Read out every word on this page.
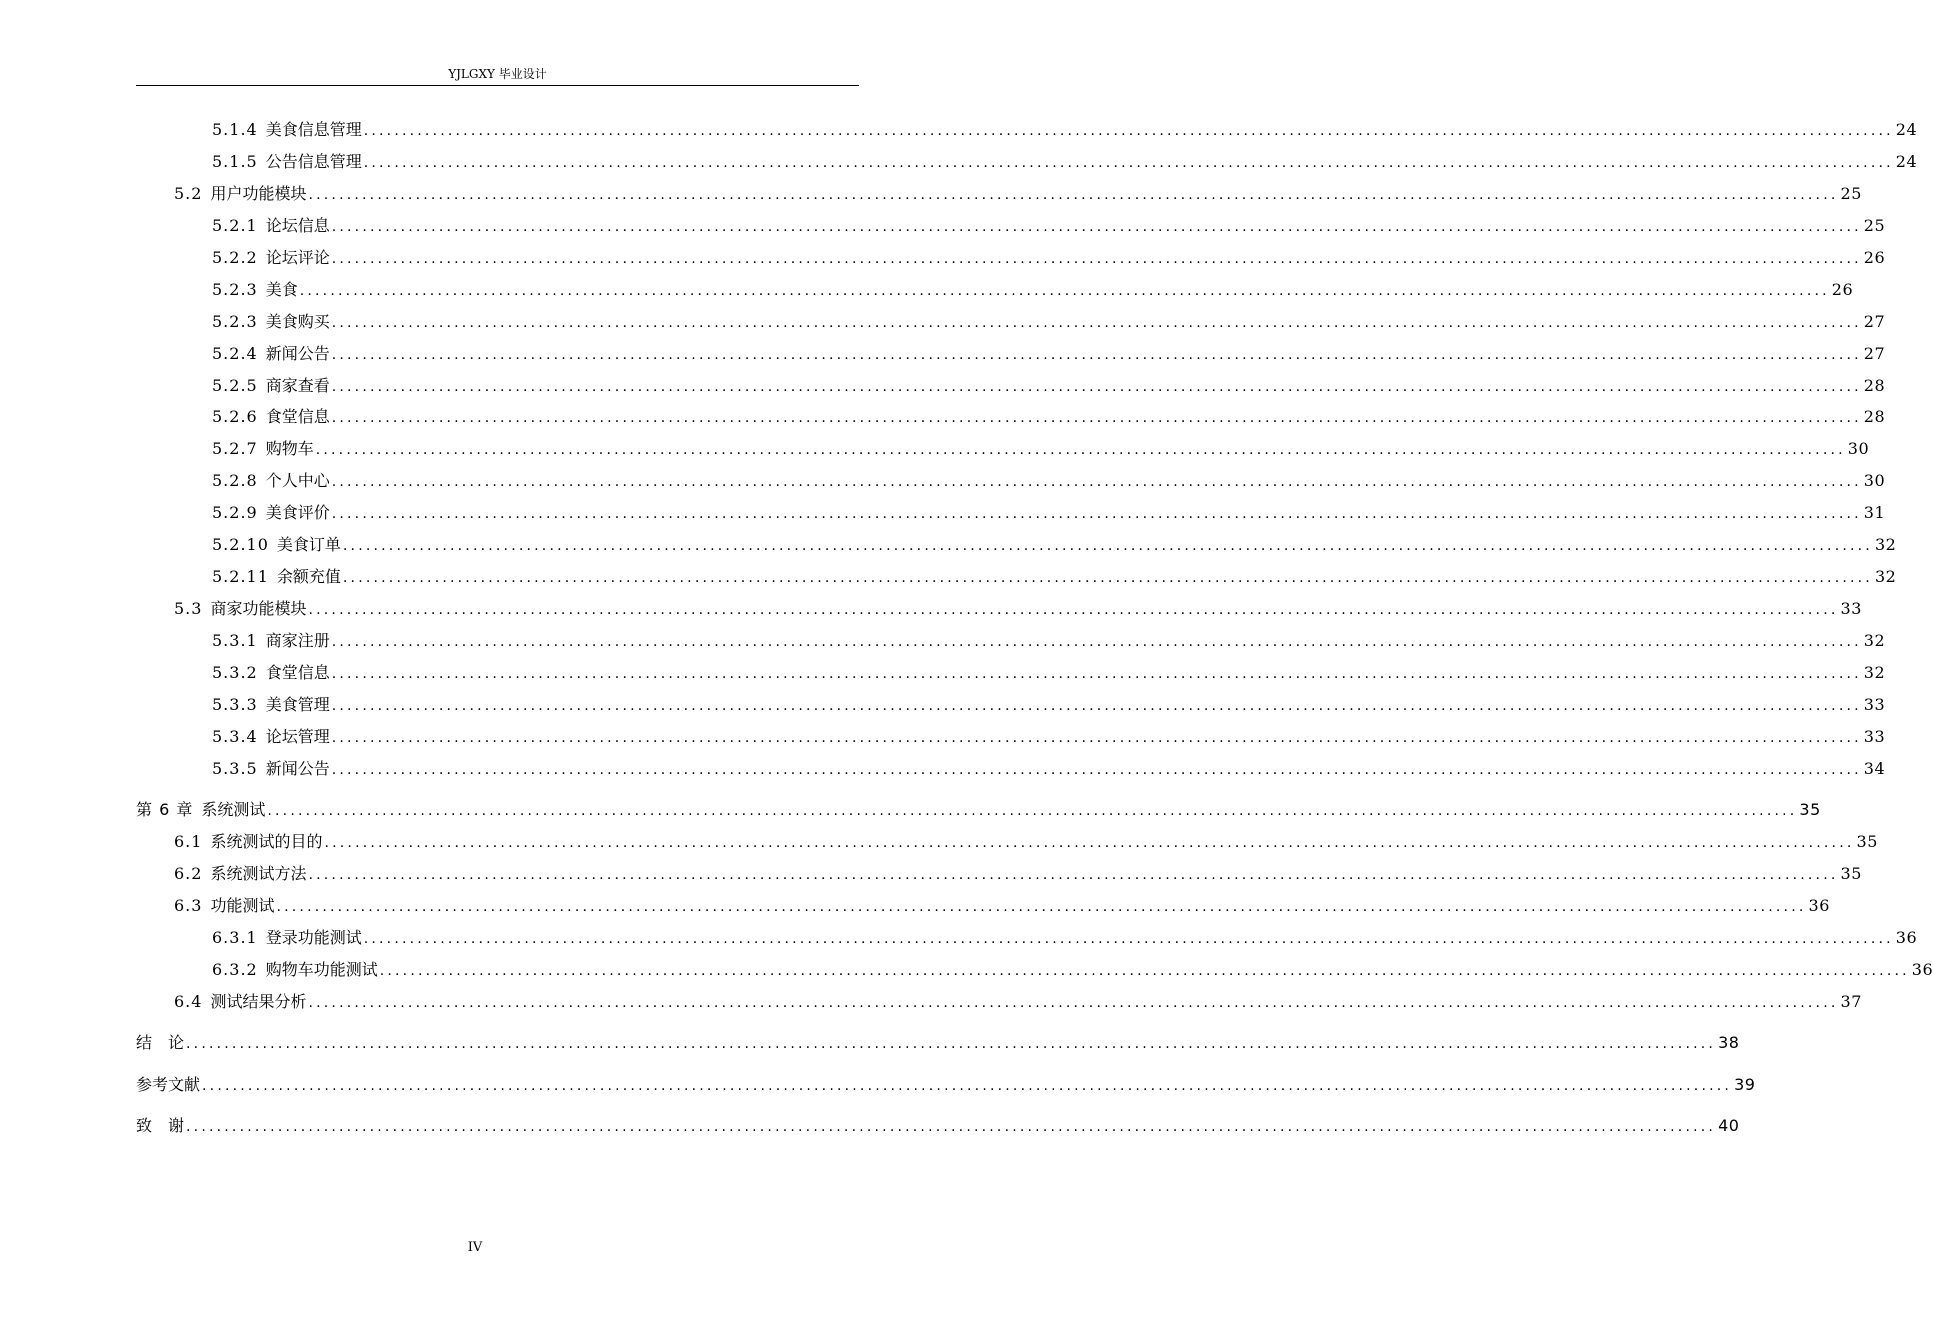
YJLGXY 毕业设计
5.1.4 美食信息管理 ........................................................................................................................................................................................................ 24
5.1.5 公告信息管理 ........................................................................................................................................................................................................ 24
5.2 用户功能模块 ........................................................................................................................................................................................................ 25
5.2.1 论坛信息 ........................................................................................................................................................................................................ 25
5.2.2 论坛评论 ........................................................................................................................................................................................................ 26
5.2.3 美食 ........................................................................................................................................................................................................ 26
5.2.3 美食购买 ........................................................................................................................................................................................................ 27
5.2.4 新闻公告 ........................................................................................................................................................................................................ 27
5.2.5 商家查看 ........................................................................................................................................................................................................ 28
5.2.6 食堂信息 ........................................................................................................................................................................................................ 28
5.2.7 购物车 ........................................................................................................................................................................................................ 30
5.2.8 个人中心 ........................................................................................................................................................................................................ 30
5.2.9 美食评价 ........................................................................................................................................................................................................ 31
5.2.10 美食订单 ........................................................................................................................................................................................................ 32
5.2.11 余额充值 ........................................................................................................................................................................................................ 32
5.3 商家功能模块 ........................................................................................................................................................................................................ 33
5.3.1 商家注册 ........................................................................................................................................................................................................ 32
5.3.2 食堂信息 ........................................................................................................................................................................................................ 32
5.3.3 美食管理 ........................................................................................................................................................................................................ 33
5.3.4 论坛管理 ........................................................................................................................................................................................................ 33
5.3.5 新闻公告 ........................................................................................................................................................................................................ 34
第 6 章 系统测试 ........................................................................................................................................................................................................ 35
6.1 系统测试的目的 ........................................................................................................................................................................................................ 35
6.2 系统测试方法 ........................................................................................................................................................................................................ 35
6.3 功能测试 ........................................................................................................................................................................................................ 36
6.3.1 登录功能测试 ........................................................................................................................................................................................................ 36
6.3.2 购物车功能测试 ........................................................................................................................................................................................................ 36
6.4 测试结果分析 ........................................................................................................................................................................................................ 37
结　论 ........................................................................................................................................................................................................ 38
参考文献 ........................................................................................................................................................................................................ 39
致　谢 ........................................................................................................................................................................................................ 40
IV
